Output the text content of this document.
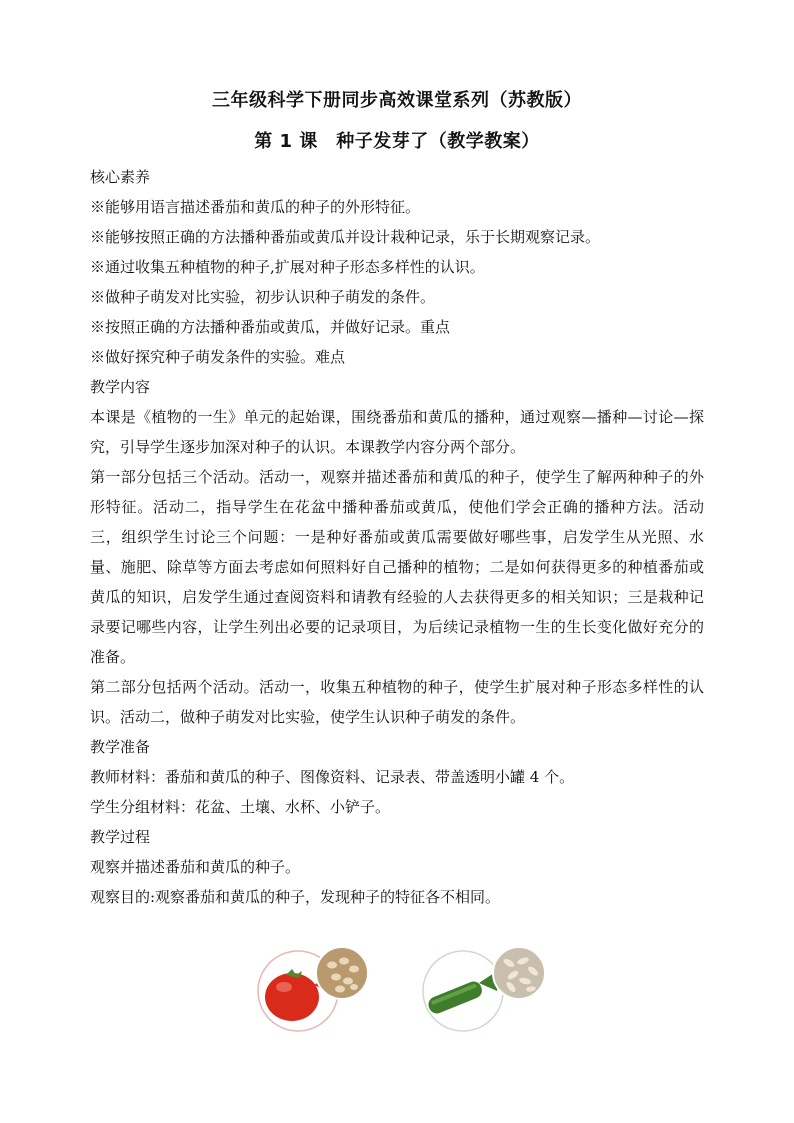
三年级科学下册同步高效课堂系列（苏教版）
第 1 课　种子发芽了（教学教案）
核心素养
※能够用语言描述番茄和黄瓜的种子的外形特征。
※能够按照正确的方法播种番茄或黄瓜并设计栽种记录，乐于长期观察记录。
※通过收集五种植物的种子,扩展对种子形态多样性的认识。
※做种子萌发对比实验，初步认识种子萌发的条件。
※按照正确的方法播种番茄或黄瓜，并做好记录。重点
※做好探究种子萌发条件的实验。难点
教学内容
本课是《植物的一生》单元的起始课，围绕番茄和黄瓜的播种，通过观察—播种—讨论—探究，引导学生逐步加深对种子的认识。本课教学内容分两个部分。
第一部分包括三个活动。活动一，观察并描述番茄和黄瓜的种子，使学生了解两种种子的外形特征。活动二，指导学生在花盆中播种番茄或黄瓜，使他们学会正确的播种方法。活动三，组织学生讨论三个问题：一是种好番茄或黄瓜需要做好哪些事，启发学生从光照、水量、施肥、除草等方面去考虑如何照料好自己播种的植物；二是如何获得更多的种植番茄或黄瓜的知识，启发学生通过查阅资料和请教有经验的人去获得更多的相关知识；三是栽种记录要记哪些内容，让学生列出必要的记录项目，为后续记录植物一生的生长变化做好充分的准备。
第二部分包括两个活动。活动一，收集五种植物的种子，使学生扩展对种子形态多样性的认识。活动二，做种子萌发对比实验，使学生认识种子萌发的条件。
教学准备
教师材料：番茄和黄瓜的种子、图像资料、记录表、带盖透明小罐 4 个。
学生分组材料：花盆、土壤、水杯、小铲子。
教学过程
观察并描述番茄和黄瓜的种子。
观察目的:观察番茄和黄瓜的种子，发现种子的特征各不相同。
